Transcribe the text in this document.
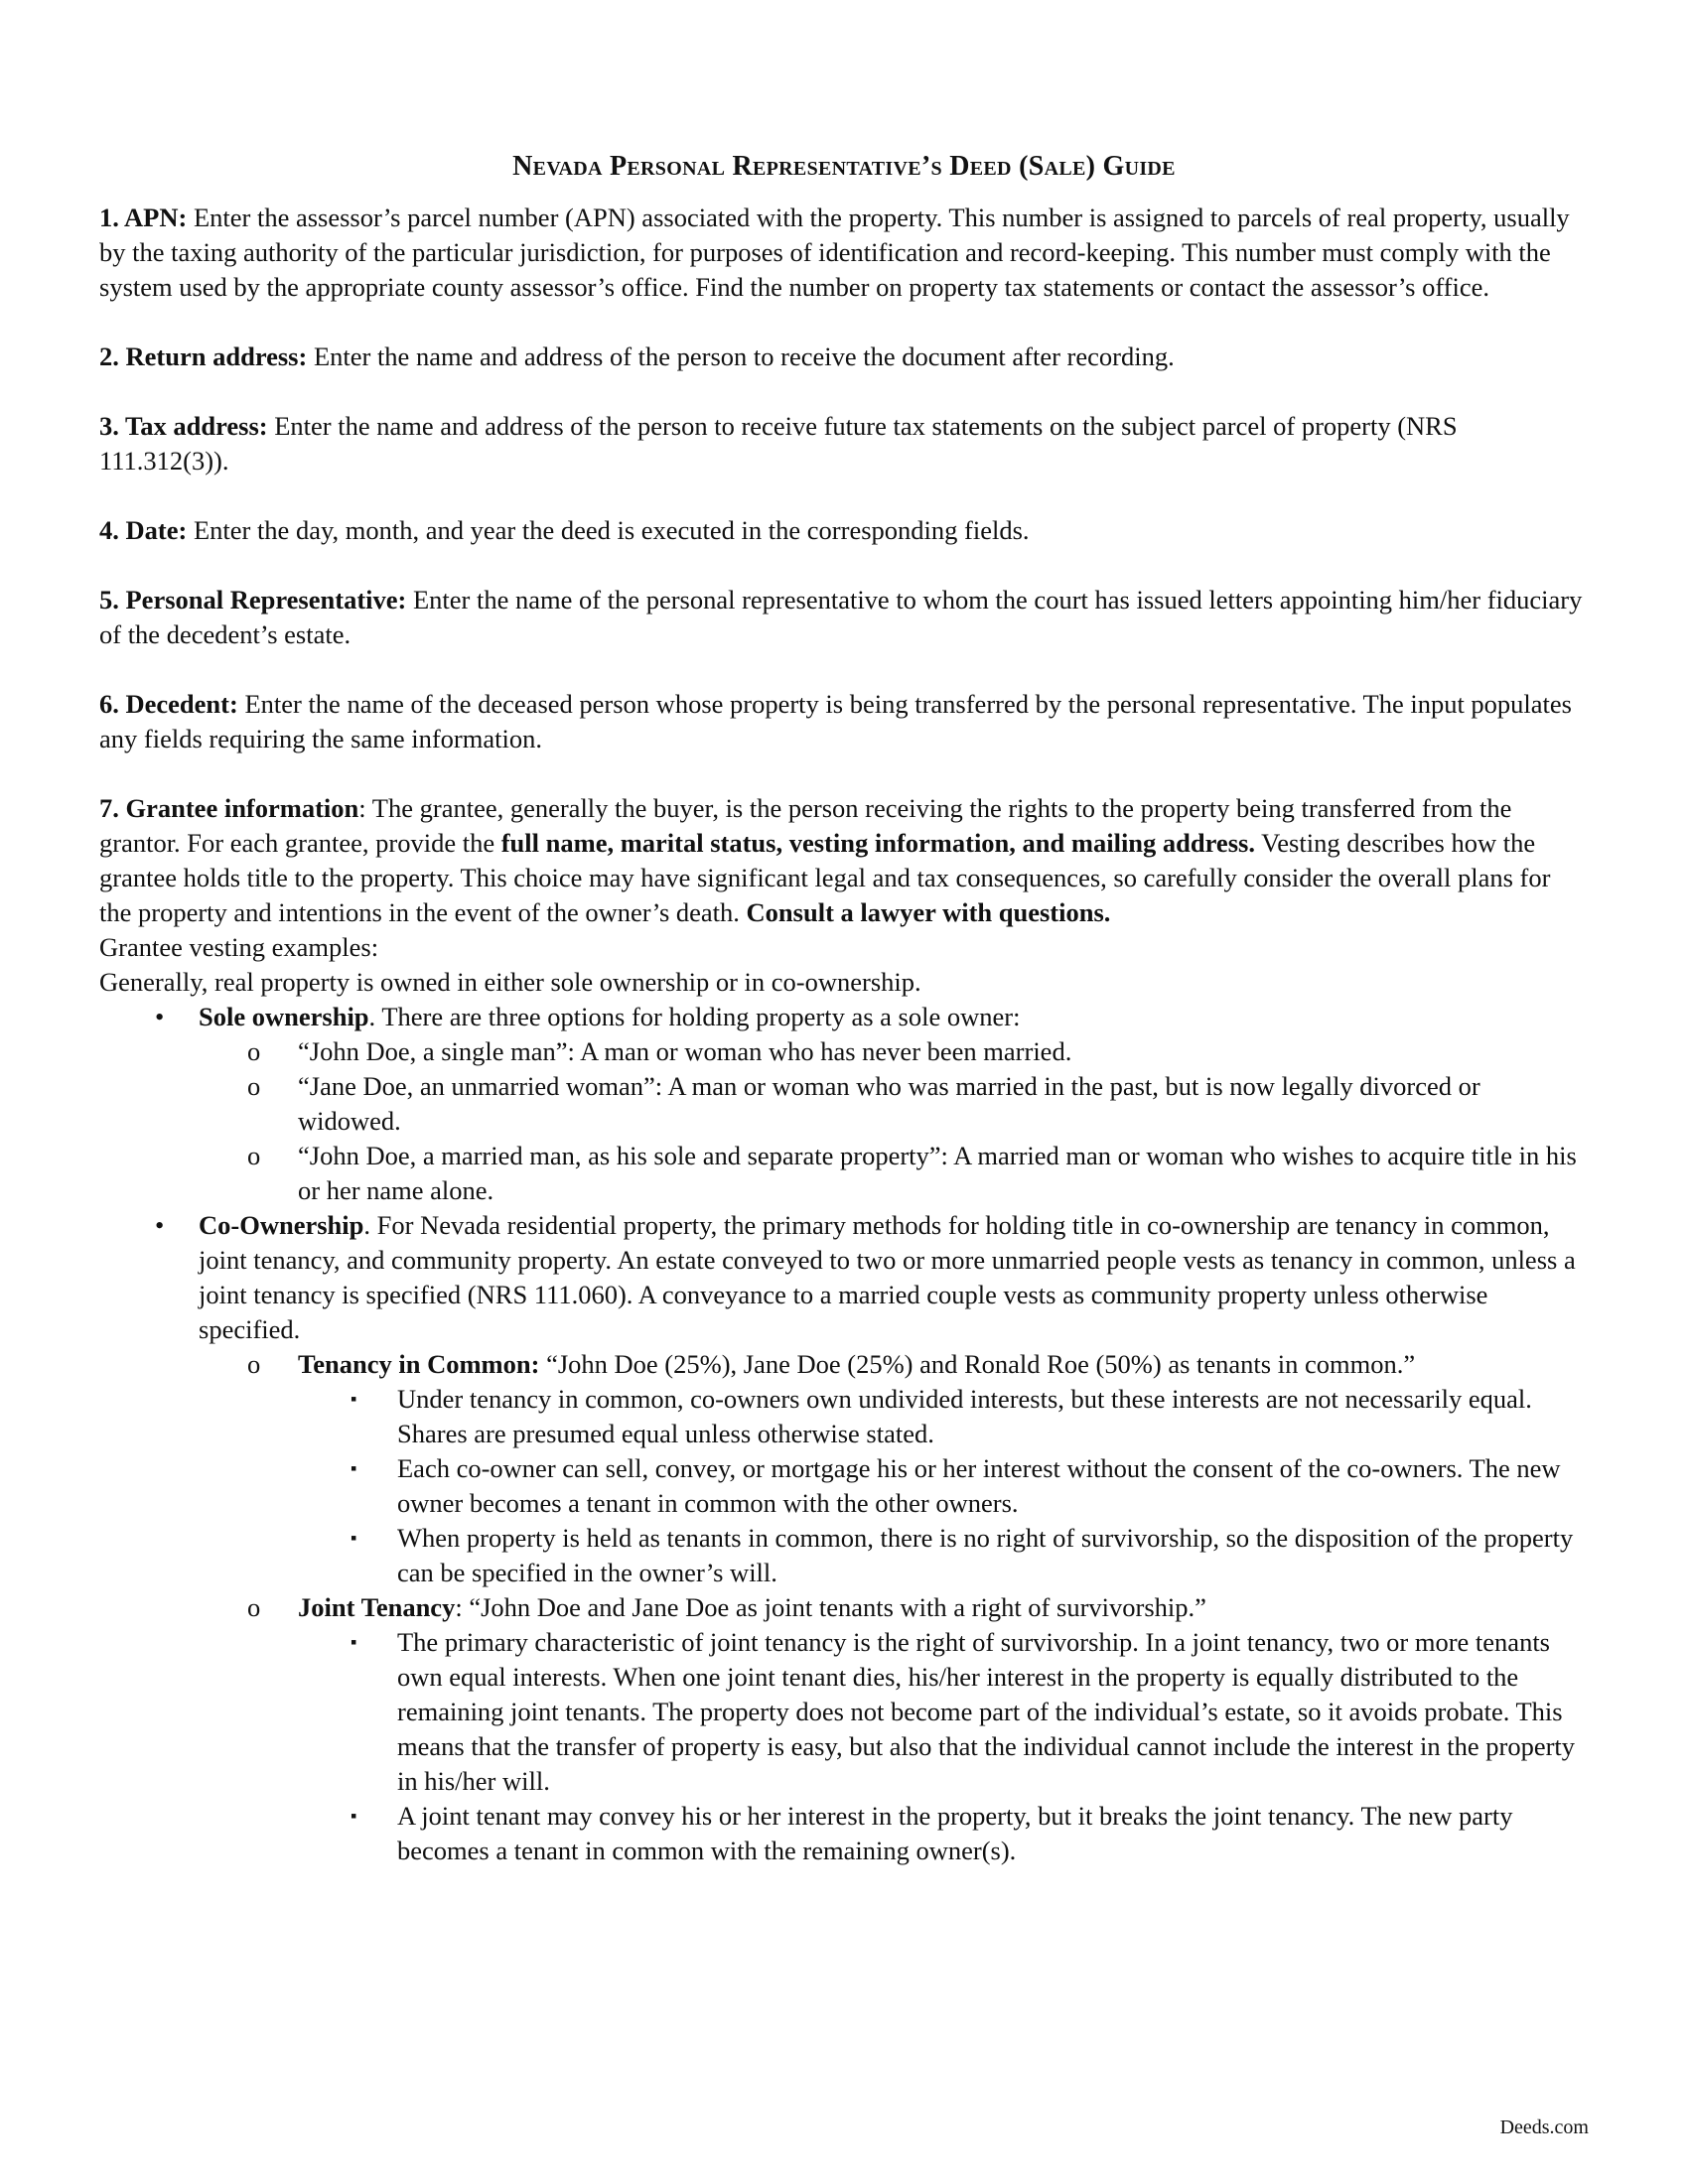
Nevada Personal Representative’s Deed (Sale) Guide

1. APN: Enter the assessor’s parcel number (APN) associated with the property. This number is assigned to parcels of real property, usually by the taxing authority of the particular jurisdiction, for purposes of identification and record-keeping. This number must comply with the system used by the appropriate county assessor’s office. Find the number on property tax statements or contact the assessor’s office.

2. Return address: Enter the name and address of the person to receive the document after recording.

3. Tax address: Enter the name and address of the person to receive future tax statements on the subject parcel of property (NRS 111.312(3)).

4. Date: Enter the day, month, and year the deed is executed in the corresponding fields.

5. Personal Representative: Enter the name of the personal representative to whom the court has issued letters appointing him/her fiduciary of the decedent’s estate.

6. Decedent: Enter the name of the deceased person whose property is being transferred by the personal representative. The input populates any fields requiring the same information.

7. Grantee information: The grantee, generally the buyer, is the person receiving the rights to the property being transferred from the grantor. For each grantee, provide the full name, marital status, vesting information, and mailing address. Vesting describes how the grantee holds title to the property. This choice may have significant legal and tax consequences, so carefully consider the overall plans for the property and intentions in the event of the owner’s death. Consult a lawyer with questions.

Grantee vesting examples:

Generally, real property is owned in either sole ownership or in co-ownership.

• Sole ownership. There are three options for holding property as a sole owner:
o “John Doe, a single man”: A man or woman who has never been married.
o “Jane Doe, an unmarried woman”: A man or woman who was married in the past, but is now legally divorced or widowed.
o “John Doe, a married man, as his sole and separate property”: A married man or woman who wishes to acquire title in his or her name alone.
• Co-Ownership. For Nevada residential property, the primary methods for holding title in co-ownership are tenancy in common, joint tenancy, and community property. An estate conveyed to two or more unmarried people vests as tenancy in common, unless a joint tenancy is specified (NRS 111.060). A conveyance to a married couple vests as community property unless otherwise specified.
o Tenancy in Common: “John Doe (25%), Jane Doe (25%) and Ronald Roe (50%) as tenants in common.”
▪ Under tenancy in common, co-owners own undivided interests, but these interests are not necessarily equal. Shares are presumed equal unless otherwise stated.
▪ Each co-owner can sell, convey, or mortgage his or her interest without the consent of the co-owners. The new owner becomes a tenant in common with the other owners.
▪ When property is held as tenants in common, there is no right of survivorship, so the disposition of the property can be specified in the owner’s will.
o Joint Tenancy: “John Doe and Jane Doe as joint tenants with a right of survivorship.”
▪ The primary characteristic of joint tenancy is the right of survivorship. In a joint tenancy, two or more tenants own equal interests. When one joint tenant dies, his/her interest in the property is equally distributed to the remaining joint tenants. The property does not become part of the individual’s estate, so it avoids probate. This means that the transfer of property is easy, but also that the individual cannot include the interest in the property in his/her will.
▪ A joint tenant may convey his or her interest in the property, but it breaks the joint tenancy. The new party becomes a tenant in common with the remaining owner(s).
Deeds.com
